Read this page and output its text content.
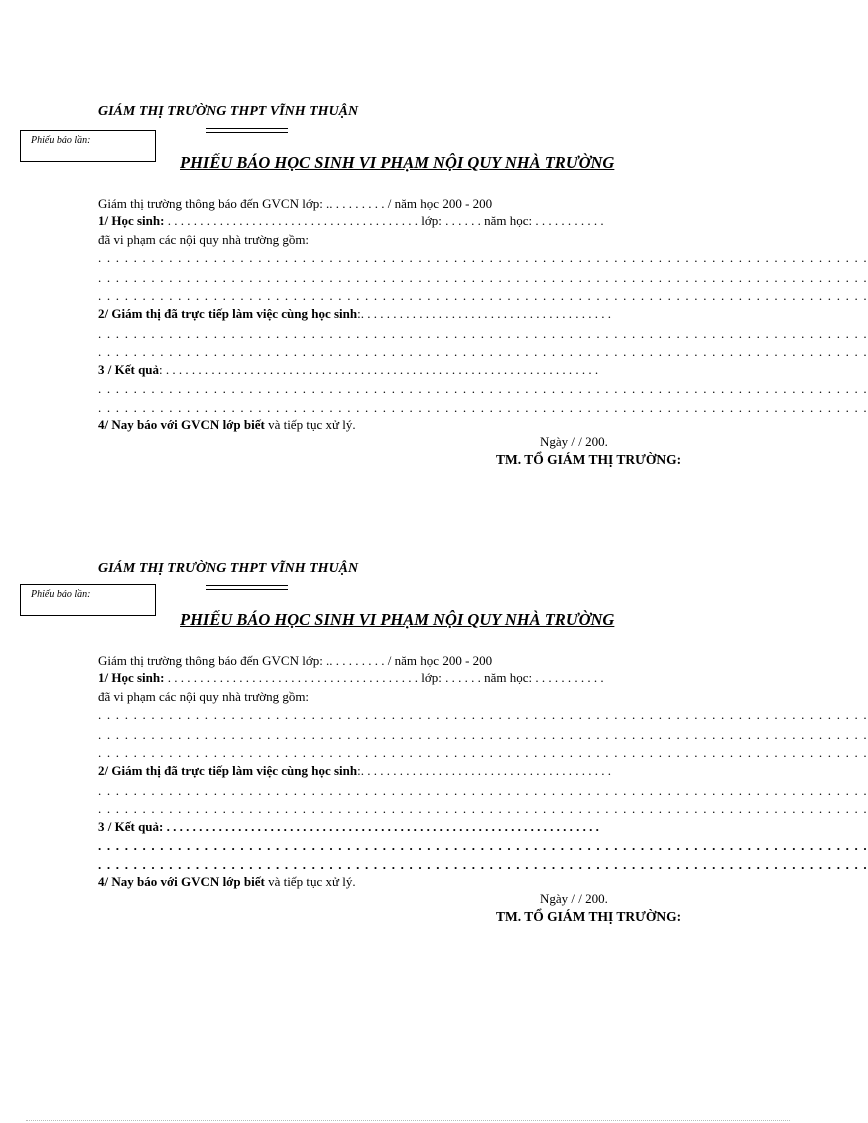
GIÁM THỊ TRƯỜNG THPT VĨNH THUẬN
Phiếu báo lần:
PHIẾU BÁO HỌC SINH VI PHẠM NỘI QUY NHÀ TRƯỜNG
Giám thị trường thông báo đến GVCN lớp: .. . . . . . . . . / năm học 200 - 200
1/ Học sinh: . . . . . . . . . . . . . . . . . . . . . . . . . . . . . . . . . . . . . . . lớp: . . . . . . năm học: . . . . . . . . . . .
đã vi phạm các nội quy nhà trường gồm:
. . . . . . . . . . . . . . . . . . . . . . . . . . . . . . . . . . . . . . . . . . . . . . . . . . . . . . . . . . . . . . . . . . . . . . . . . . . . . . . . . . . . . . .
. . . . . . . . . . . . . . . . . . . . . . . . . . . . . . . . . . . . . . . . . . . . . . . . . . . . . . . . . . . . . . . . . . . . . . . . . . . . . . . . . . . . . . .
. . . . . . . . . . . . . . . . . . . . . . . . . . . . . . . . . . . . . . . . . . . . . . . . . . . . . . . . . . . . . . . . . . . . . . . . . . . . . . . . . . . . . . .
2/ Giám thị đã trực tiếp làm việc cùng học sinh:. . . . . . . . . . . . . . . . . . . . . . . . . . . . . . . . . . . . . . .
. . . . . . . . . . . . . . . . . . . . . . . . . . . . . . . . . . . . . . . . . . . . . . . . . . . . . . . . . . . . . . . . . . . . . . . . . . . . . . . . . . . . . . .
. . . . . . . . . . . . . . . . . . . . . . . . . . . . . . . . . . . . . . . . . . . . . . . . . . . . . . . . . . . . . . . . . . . . . . . . . . . . . . . . . . . . . . .
3 / Kết quả: . . . . . . . . . . . . . . . . . . . . . . . . . . . . . . . . . . . . . . . . . . . . . . . . . . . . . . . . . . . . . . . . . . .
. . . . . . . . . . . . . . . . . . . . . . . . . . . . . . . . . . . . . . . . . . . . . . . . . . . . . . . . . . . . . . . . . . . . . . . . . . . . . . . . . . . . . . .
. . . . . . . . . . . . . . . . . . . . . . . . . . . . . . . . . . . . . . . . . . . . . . . . . . . . . . . . . . . . . . . . . . . . . . . . . . . . . . . . . . . . . . .
4/ Nay báo với GVCN lớp biết và tiếp tục xử lý.
Ngày / / 200.
TM. TỔ GIÁM THỊ TRƯỜNG:
GIÁM THỊ TRƯỜNG THPT VĨNH THUẬN
Phiếu báo lần:
PHIẾU BÁO HỌC SINH VI PHẠM NỘI QUY NHÀ TRƯỜNG
Giám thị trường thông báo đến GVCN lớp: .. . . . . . . . . / năm học 200 - 200
1/ Học sinh: . . . . . . . . . . . . . . . . . . . . . . . . . . . . . . . . . . . . . . . lớp: . . . . . . năm học: . . . . . . . . . . .
đã vi phạm các nội quy nhà trường gồm:
. . . . . . . . . . . . . . . . . . . . . . . . . . . . . . . . . . . . . . . . . . . . . . . . . . . . . . . . . . . . . . . . . . . . . . . . . . . . . . . . . . . . . . .
. . . . . . . . . . . . . . . . . . . . . . . . . . . . . . . . . . . . . . . . . . . . . . . . . . . . . . . . . . . . . . . . . . . . . . . . . . . . . . . . . . . . . . .
. . . . . . . . . . . . . . . . . . . . . . . . . . . . . . . . . . . . . . . . . . . . . . . . . . . . . . . . . . . . . . . . . . . . . . . . . . . . . . . . . . . . . . .
2/ Giám thị đã trực tiếp làm việc cùng học sinh:. . . . . . . . . . . . . . . . . . . . . . . . . . . . . . . . . . . . . . .
. . . . . . . . . . . . . . . . . . . . . . . . . . . . . . . . . . . . . . . . . . . . . . . . . . . . . . . . . . . . . . . . . . . . . . . . . . . . . . . . . . . . . . .
. . . . . . . . . . . . . . . . . . . . . . . . . . . . . . . . . . . . . . . . . . . . . . . . . . . . . . . . . . . . . . . . . . . . . . . . . . . . . . . . . . . . . . .
3 / Kết quả: . . . . . . . . . . . . . . . . . . . . . . . . . . . . . . . . . . . . . . . . . . . . . . . . . . . . . . . . . . . . . . . . . . .
. . . . . . . . . . . . . . . . . . . . . . . . . . . . . . . . . . . . . . . . . . . . . . . . . . . . . . . . . . . . . . . . . . . . . . . . . . . . . . . . . . . . . . .
. . . . . . . . . . . . . . . . . . . . . . . . . . . . . . . . . . . . . . . . . . . . . . . . . . . . . . . . . . . . . . . . . . . . . . . . . . . . . . . . . . . . . . .
4/ Nay báo với GVCN lớp biết và tiếp tục xử lý.
Ngày / / 200.
TM. TỔ GIÁM THỊ TRƯỜNG:
